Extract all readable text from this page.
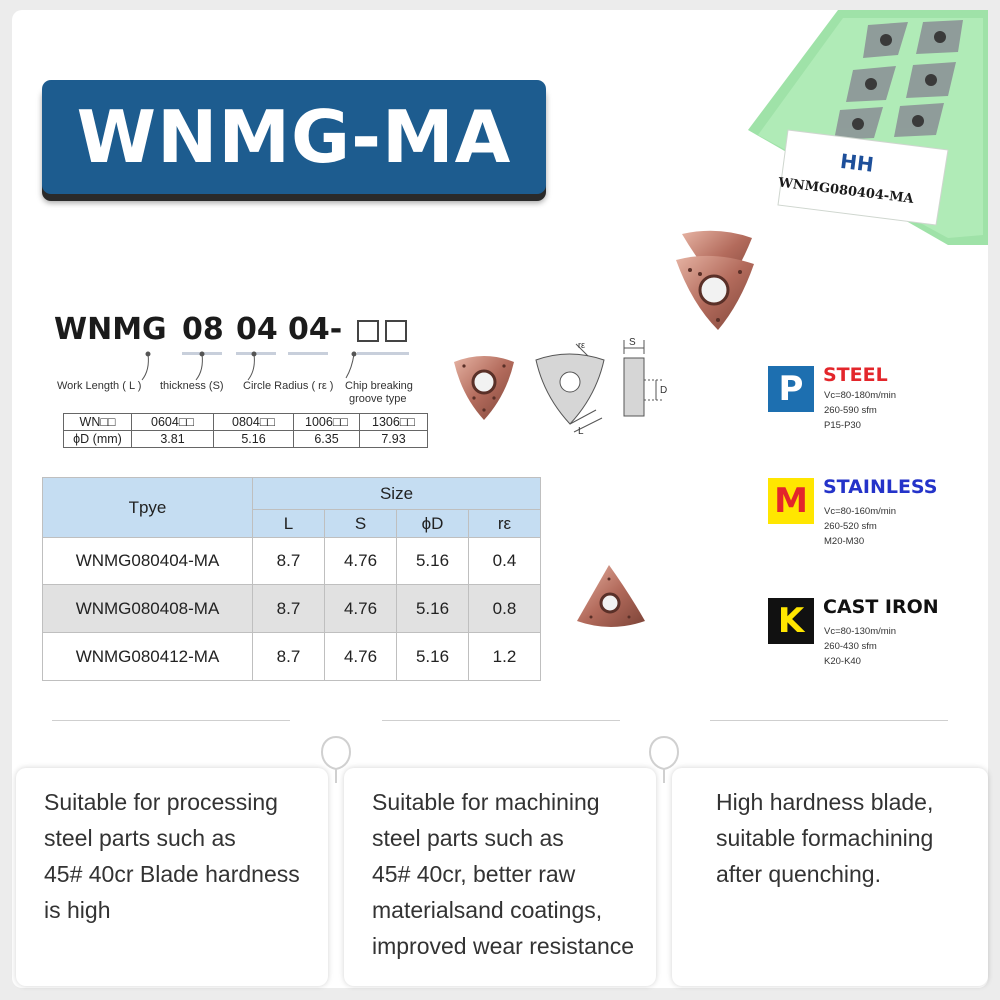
WNMG-MA	HH
WNMG080404-MA
WNMG 08 04 04-
Work Length ( L ) thickness (S) Circle Radius ( rε ) Chip breaking
groove type
WN□□	0604□□	0804□□	1006□□	1306□□
ϕD (mm)	3.81	5.16	6.35	7.93
rε
L
S
D
Tpye	Size			
	L	S	ϕD	rε
WNMG080404-MA	8.7	4.76	5.16	0.4
WNMG080408-MA	8.7	4.76	5.16	0.8
WNMG080412-MA	8.7	4.76	5.16	1.2
P STEEL
Vc=80-180m/min
260-590 sfm
P15-P30
M STAINLESS
Vc=80-160m/min
260-520 sfm
M20-M30
K CAST IRON
Vc=80-130m/min
260-430 sfm
K20-K40

Suitable for processing
steel parts such as
45# 40cr Blade hardness
is high

Suitable for machining
steel parts such as
45# 40cr, better raw
materialsand coatings,
improved wear resistance

High hardness blade,
suitable formachining
after quenching.
